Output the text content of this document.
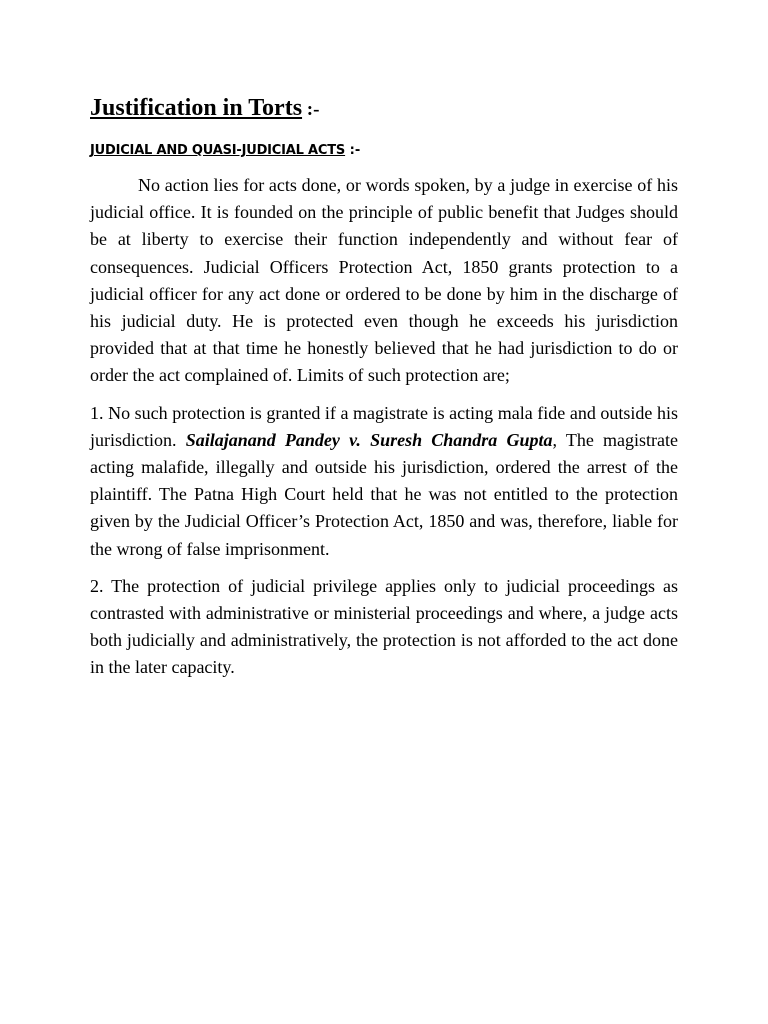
Justification in Torts :-
JUDICIAL AND QUASI-JUDICIAL ACTS :-

No action lies for acts done, or words spoken, by a judge in exercise of his judicial office. It is founded on the principle of public benefit that Judges should be at liberty to exercise their function independently and without fear of consequences. Judicial Officers Protection Act, 1850 grants protection to a judicial officer for any act done or ordered to be done by him in the discharge of his judicial duty. He is protected even though he exceeds his jurisdiction provided that at that time he honestly believed that he had jurisdiction to do or order the act complained of. Limits of such protection are;

1. No such protection is granted if a magistrate is acting mala fide and outside his jurisdiction. Sailajanand Pandey v. Suresh Chandra Gupta, The magistrate acting malafide, illegally and outside his jurisdiction, ordered the arrest of the plaintiff. The Patna High Court held that he was not entitled to the protection given by the Judicial Officer’s Protection Act, 1850 and was, therefore, liable for the wrong of false imprisonment.

2. The protection of judicial privilege applies only to judicial proceedings as contrasted with administrative or ministerial proceedings and where, a judge acts both judicially and administratively, the protection is not afforded to the act done in the later capacity.
